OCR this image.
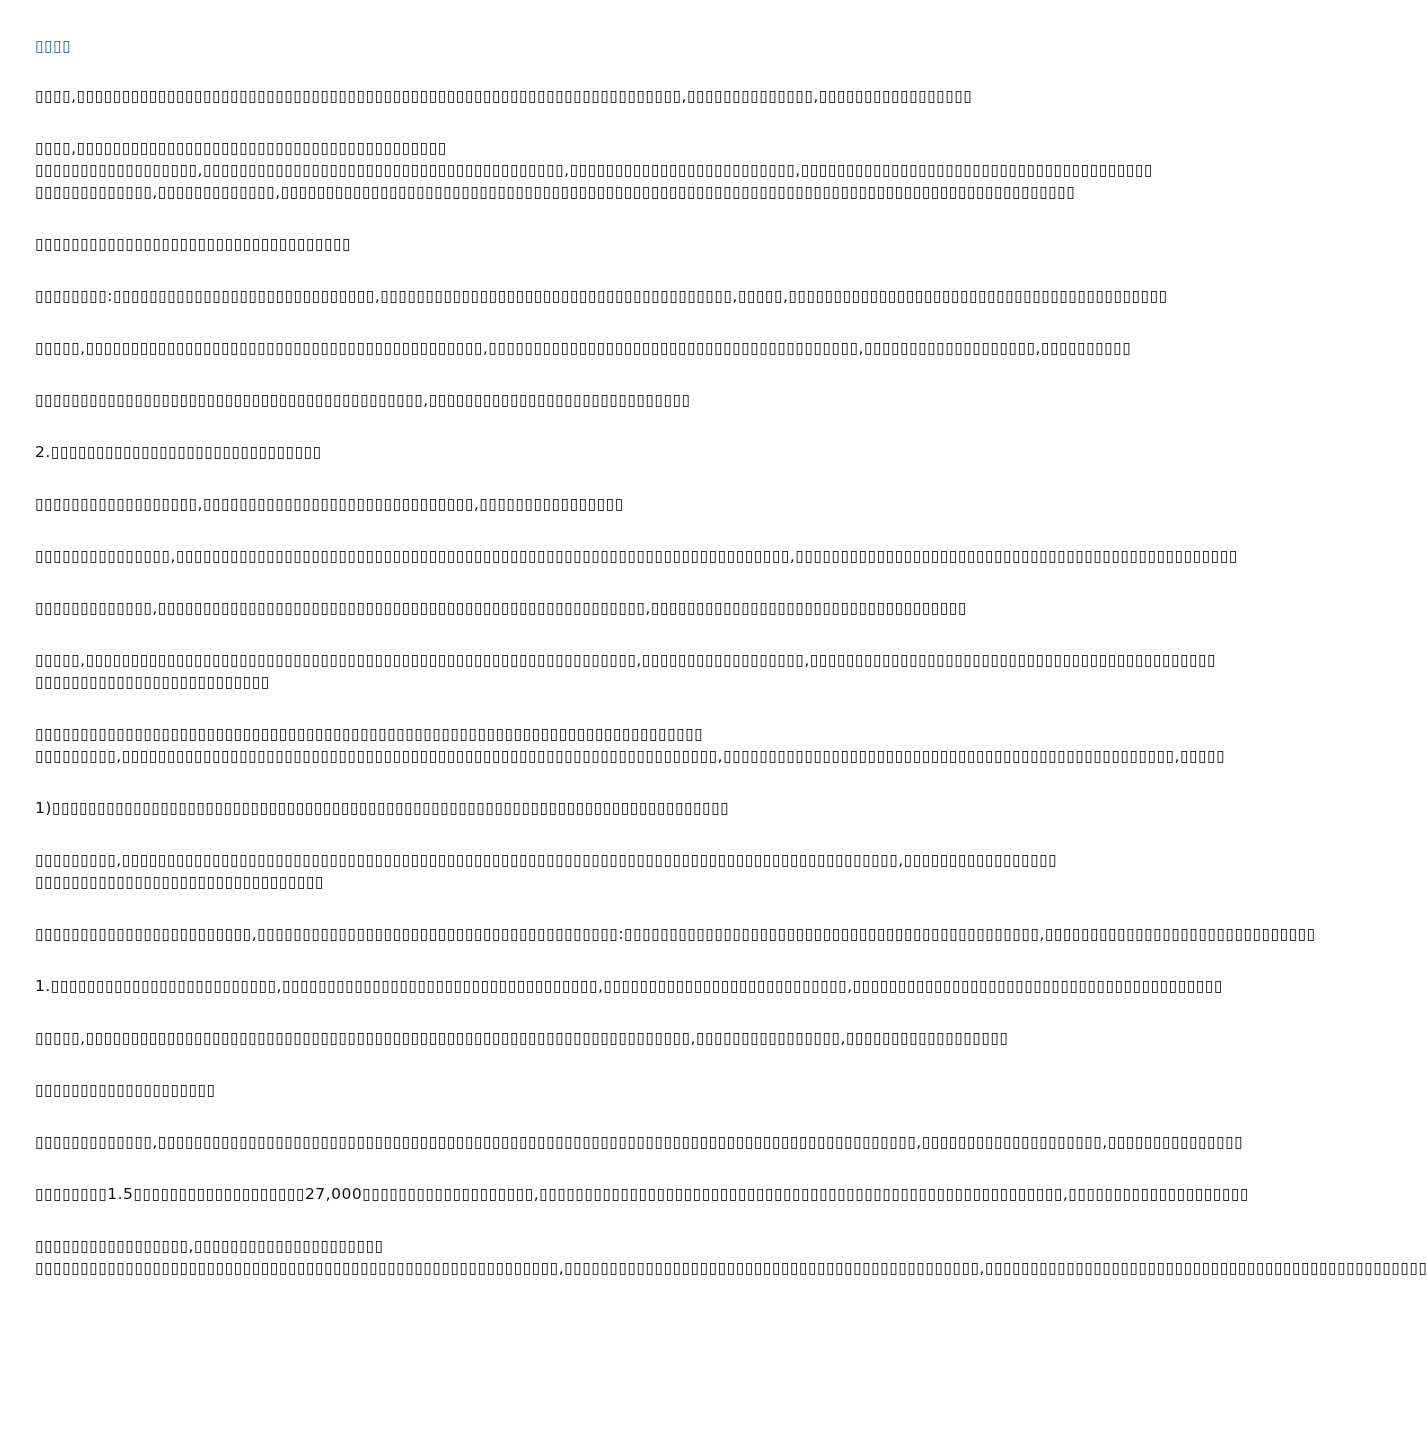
▯▯▯▯
▯▯▯▯,▯▯▯▯▯▯▯▯▯▯▯▯▯▯▯▯▯▯▯▯▯▯▯▯▯▯▯▯▯▯▯▯▯▯▯▯▯▯▯▯▯▯▯▯▯▯▯▯▯▯▯▯▯▯▯▯▯▯▯▯▯▯▯▯▯▯▯,▯▯▯▯▯▯▯▯▯▯▯▯▯▯,▯▯▯▯▯▯▯▯▯▯▯▯▯▯▯▯▯
▯▯▯▯,▯▯▯▯▯▯▯▯▯▯▯▯▯▯▯▯▯▯▯▯▯▯▯▯▯▯▯▯▯▯▯▯▯▯▯▯▯▯▯▯▯
▯▯▯▯▯▯▯▯▯▯▯▯▯▯▯▯▯▯,▯▯▯▯▯▯▯▯▯▯▯▯▯▯▯▯▯▯▯▯▯▯▯▯▯▯▯▯▯▯▯▯▯▯▯▯▯▯▯▯,▯▯▯▯▯▯▯▯▯▯▯▯▯▯▯▯▯▯▯▯▯▯▯▯▯,▯▯▯▯▯▯▯▯▯▯▯▯▯▯▯▯▯▯▯▯▯▯▯▯▯▯▯▯▯▯▯▯▯▯▯▯▯▯▯
▯▯▯▯▯▯▯▯▯▯▯▯▯,▯▯▯▯▯▯▯▯▯▯▯▯▯,▯▯▯▯▯▯▯▯▯▯▯▯▯▯▯▯▯▯▯▯▯▯▯▯▯▯▯▯▯▯▯▯▯▯▯▯▯▯▯▯▯▯▯▯▯▯▯▯▯▯▯▯▯▯▯▯▯▯▯▯▯▯▯▯▯▯▯▯▯▯▯▯▯▯▯▯▯▯▯▯▯▯▯▯▯▯▯▯
▯▯▯▯▯▯▯▯▯▯▯▯▯▯▯▯▯▯▯▯▯▯▯▯▯▯▯▯▯▯▯▯▯▯▯
▯▯▯▯▯▯▯▯:▯▯▯▯▯▯▯▯▯▯▯▯▯▯▯▯▯▯▯▯▯▯▯▯▯▯▯▯▯,▯▯▯▯▯▯▯▯▯▯▯▯▯▯▯▯▯▯▯▯▯▯▯▯▯▯▯▯▯▯▯▯▯▯▯▯▯▯▯,▯▯▯▯▯,▯▯▯▯▯▯▯▯▯▯▯▯▯▯▯▯▯▯▯▯▯▯▯▯▯▯▯▯▯▯▯▯▯▯▯▯▯▯▯▯▯▯
▯▯▯▯▯,▯▯▯▯▯▯▯▯▯▯▯▯▯▯▯▯▯▯▯▯▯▯▯▯▯▯▯▯▯▯▯▯▯▯▯▯▯▯▯▯▯▯▯▯,▯▯▯▯▯▯▯▯▯▯▯▯▯▯▯▯▯▯▯▯▯▯▯▯▯▯▯▯▯▯▯▯▯▯▯▯▯▯▯▯▯,▯▯▯▯▯▯▯▯▯▯▯▯▯▯▯▯▯▯▯,▯▯▯▯▯▯▯▯▯▯
▯▯▯▯▯▯▯▯▯▯▯▯▯▯▯▯▯▯▯▯▯▯▯▯▯▯▯▯▯▯▯▯▯▯▯▯▯▯▯▯▯▯▯,▯▯▯▯▯▯▯▯▯▯▯▯▯▯▯▯▯▯▯▯▯▯▯▯▯▯▯▯▯
2.▯▯▯▯▯▯▯▯▯▯▯▯▯▯▯▯▯▯▯▯▯▯▯▯▯▯▯▯▯▯
▯▯▯▯▯▯▯▯▯▯▯▯▯▯▯▯▯▯,▯▯▯▯▯▯▯▯▯▯▯▯▯▯▯▯▯▯▯▯▯▯▯▯▯▯▯▯▯▯,▯▯▯▯▯▯▯▯▯▯▯▯▯▯▯▯
▯▯▯▯▯▯▯▯▯▯▯▯▯▯▯,▯▯▯▯▯▯▯▯▯▯▯▯▯▯▯▯▯▯▯▯▯▯▯▯▯▯▯▯▯▯▯▯▯▯▯▯▯▯▯▯▯▯▯▯▯▯▯▯▯▯▯▯▯▯▯▯▯▯▯▯▯▯▯▯▯▯▯▯,▯▯▯▯▯▯▯▯▯▯▯▯▯▯▯▯▯▯▯▯▯▯▯▯▯▯▯▯▯▯▯▯▯▯▯▯▯▯▯▯▯▯▯▯▯▯▯▯▯
▯▯▯▯▯▯▯▯▯▯▯▯▯,▯▯▯▯▯▯▯▯▯▯▯▯▯▯▯▯▯▯▯▯▯▯▯▯▯▯▯▯▯▯▯▯▯▯▯▯▯▯▯▯▯▯▯▯▯▯▯▯▯▯▯▯▯▯,▯▯▯▯▯▯▯▯▯▯▯▯▯▯▯▯▯▯▯▯▯▯▯▯▯▯▯▯▯▯▯▯▯▯▯
▯▯▯▯▯,▯▯▯▯▯▯▯▯▯▯▯▯▯▯▯▯▯▯▯▯▯▯▯▯▯▯▯▯▯▯▯▯▯▯▯▯▯▯▯▯▯▯▯▯▯▯▯▯▯▯▯▯▯▯▯▯▯▯▯▯▯,▯▯▯▯▯▯▯▯▯▯▯▯▯▯▯▯▯▯,▯▯▯▯▯▯▯▯▯▯▯▯▯▯▯▯▯▯▯▯▯▯▯▯▯▯▯▯▯▯▯▯▯▯▯▯▯▯▯▯▯▯▯▯▯
▯▯▯▯▯▯▯▯▯▯▯▯▯▯▯▯▯▯▯▯▯▯▯▯▯▯
▯▯▯▯▯▯▯▯▯▯▯▯▯▯▯▯▯▯▯▯▯▯▯▯▯▯▯▯▯▯▯▯▯▯▯▯▯▯▯▯▯▯▯▯▯▯▯▯▯▯▯▯▯▯▯▯▯▯▯▯▯▯▯▯▯▯▯▯▯▯▯▯▯▯
▯▯▯▯▯▯▯▯▯,▯▯▯▯▯▯▯▯▯▯▯▯▯▯▯▯▯▯▯▯▯▯▯▯▯▯▯▯▯▯▯▯▯▯▯▯▯▯▯▯▯▯▯▯▯▯▯▯▯▯▯▯▯▯▯▯▯▯▯▯▯▯▯▯▯▯,▯▯▯▯▯▯▯▯▯▯▯▯▯▯▯▯▯▯▯▯▯▯▯▯▯▯▯▯▯▯▯▯▯▯▯▯▯▯▯▯▯▯▯▯▯▯▯▯▯▯,▯▯▯▯▯
1)▯▯▯▯▯▯▯▯▯▯▯▯▯▯▯▯▯▯▯▯▯▯▯▯▯▯▯▯▯▯▯▯▯▯▯▯▯▯▯▯▯▯▯▯▯▯▯▯▯▯▯▯▯▯▯▯▯▯▯▯▯▯▯▯▯▯▯▯▯▯▯▯▯▯▯
▯▯▯▯▯▯▯▯▯,▯▯▯▯▯▯▯▯▯▯▯▯▯▯▯▯▯▯▯▯▯▯▯▯▯▯▯▯▯▯▯▯▯▯▯▯▯▯▯▯▯▯▯▯▯▯▯▯▯▯▯▯▯▯▯▯▯▯▯▯▯▯▯▯▯▯▯▯▯▯▯▯▯▯▯▯▯▯▯▯▯▯▯▯▯▯,▯▯▯▯▯▯▯▯▯▯▯▯▯▯▯▯▯
▯▯▯▯▯▯▯▯▯▯▯▯▯▯▯▯▯▯▯▯▯▯▯▯▯▯▯▯▯▯▯▯
▯▯▯▯▯▯▯▯▯▯▯▯▯▯▯▯▯▯▯▯▯▯▯▯,▯▯▯▯▯▯▯▯▯▯▯▯▯▯▯▯▯▯▯▯▯▯▯▯▯▯▯▯▯▯▯▯▯▯▯▯▯▯▯▯:▯▯▯▯▯▯▯▯▯▯▯▯▯▯▯▯▯▯▯▯▯▯▯▯▯▯▯▯▯▯▯▯▯▯▯▯▯▯▯▯▯▯▯▯▯▯,▯▯▯▯▯▯▯▯▯▯▯▯▯▯▯▯▯▯▯▯▯▯▯▯▯▯▯▯▯▯
1.▯▯▯▯▯▯▯▯▯▯▯▯▯▯▯▯▯▯▯▯▯▯▯▯▯,▯▯▯▯▯▯▯▯▯▯▯▯▯▯▯▯▯▯▯▯▯▯▯▯▯▯▯▯▯▯▯▯▯▯▯,▯▯▯▯▯▯▯▯▯▯▯▯▯▯▯▯▯▯▯▯▯▯▯▯▯▯▯,▯▯▯▯▯▯▯▯▯▯▯▯▯▯▯▯▯▯▯▯▯▯▯▯▯▯▯▯▯▯▯▯▯▯▯▯▯▯▯▯▯
▯▯▯▯▯,▯▯▯▯▯▯▯▯▯▯▯▯▯▯▯▯▯▯▯▯▯▯▯▯▯▯▯▯▯▯▯▯▯▯▯▯▯▯▯▯▯▯▯▯▯▯▯▯▯▯▯▯▯▯▯▯▯▯▯▯▯▯▯▯▯▯▯,▯▯▯▯▯▯▯▯▯▯▯▯▯▯▯▯,▯▯▯▯▯▯▯▯▯▯▯▯▯▯▯▯▯▯
▯▯▯▯▯▯▯▯▯▯▯▯▯▯▯▯▯▯▯▯
▯▯▯▯▯▯▯▯▯▯▯▯▯,▯▯▯▯▯▯▯▯▯▯▯▯▯▯▯▯▯▯▯▯▯▯▯▯▯▯▯▯▯▯▯▯▯▯▯▯▯▯▯▯▯▯▯▯▯▯▯▯▯▯▯▯▯▯▯▯▯▯▯▯▯▯▯▯▯▯▯▯▯▯▯▯▯▯▯▯▯▯▯▯▯▯▯▯,▯▯▯▯▯▯▯▯▯▯▯▯▯▯▯▯▯▯▯▯,▯▯▯▯▯▯▯▯▯▯▯▯▯▯▯
▯▯▯▯▯▯▯▯1.5▯▯▯▯▯▯▯▯▯▯▯▯▯▯▯▯▯▯▯27,000▯▯▯▯▯▯▯▯▯▯▯▯▯▯▯▯▯▯▯,▯▯▯▯▯▯▯▯▯▯▯▯▯▯▯▯▯▯▯▯▯▯▯▯▯▯▯▯▯▯▯▯▯▯▯▯▯▯▯▯▯▯▯▯▯▯▯▯▯▯▯▯▯▯▯▯▯▯,▯▯▯▯▯▯▯▯▯▯▯▯▯▯▯▯▯▯▯▯
▯▯▯▯▯▯▯▯▯▯▯▯▯▯▯▯▯,▯▯▯▯▯▯▯▯▯▯▯▯▯▯▯▯▯▯▯▯▯
▯▯▯▯▯▯▯▯▯▯▯▯▯▯▯▯▯▯▯▯▯▯▯▯▯▯▯▯▯▯▯▯▯▯▯▯▯▯▯▯▯▯▯▯▯▯▯▯▯▯▯▯▯▯▯▯▯▯,▯▯▯▯▯▯▯▯▯▯▯▯▯▯▯▯▯▯▯▯▯▯▯▯▯▯▯▯▯▯▯▯▯▯▯▯▯▯▯▯▯▯▯▯▯▯,▯▯▯▯▯▯▯▯▯▯▯▯▯▯▯▯▯▯▯▯▯▯▯▯▯▯▯▯▯▯▯▯▯▯▯▯▯▯▯▯▯▯▯▯▯▯▯▯▯
